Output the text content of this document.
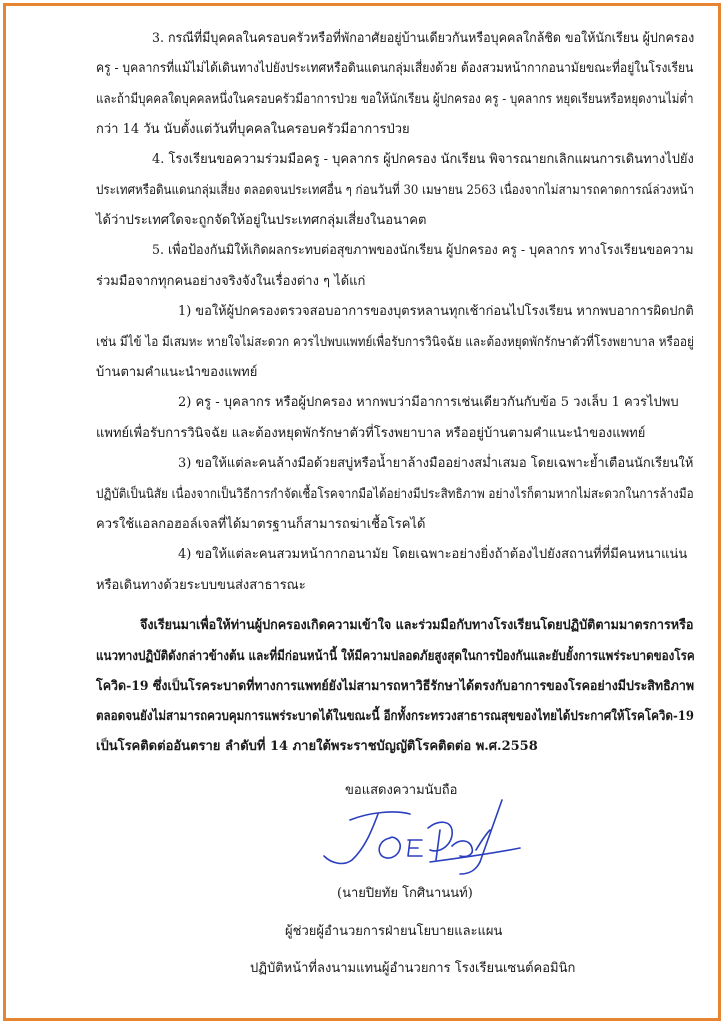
3. กรณีที่มีบุคคลในครอบครัวหรือที่พักอาศัยอยู่บ้านเดียวกันหรือบุคคลใกล้ชิด ขอให้นักเรียน ผู้ปกครอง
ครู - บุคลากรที่แม้ไม่ได้เดินทางไปยังประเทศหรือดินแดนกลุ่มเสี่ยงด้วย ต้องสวมหน้ากากอนามัยขณะที่อยู่ในโรงเรียน
และถ้ามีบุคคลใดบุคคลหนึ่งในครอบครัวมีอาการป่วย ขอให้นักเรียน ผู้ปกครอง ครู - บุคลากร หยุดเรียนหรือหยุดงานไม่ต่ำ
กว่า 14 วัน นับตั้งแต่วันที่บุคคลในครอบครัวมีอาการป่วย
4. โรงเรียนขอความร่วมมือครู - บุคลากร ผู้ปกครอง นักเรียน พิจารณายกเลิกแผนการเดินทางไปยัง
ประเทศหรือดินแดนกลุ่มเสี่ยง ตลอดจนประเทศอื่น ๆ ก่อนวันที่ 30 เมษายน 2563 เนื่องจากไม่สามารถคาดการณ์ล่วงหน้า
ได้ว่าประเทศใดจะถูกจัดให้อยู่ในประเทศกลุ่มเสี่ยงในอนาคต
5. เพื่อป้องกันมิให้เกิดผลกระทบต่อสุขภาพของนักเรียน ผู้ปกครอง ครู - บุคลากร ทางโรงเรียนขอความ
ร่วมมือจากทุกคนอย่างจริงจังในเรื่องต่าง ๆ ได้แก่
1) ขอให้ผู้ปกครองตรวจสอบอาการของบุตรหลานทุกเช้าก่อนไปโรงเรียน หากพบอาการผิดปกติ
เช่น มีไข้ ไอ มีเสมหะ หายใจไม่สะดวก ควรไปพบแพทย์เพื่อรับการวินิจฉัย และต้องหยุดพักรักษาตัวที่โรงพยาบาล หรืออยู่
บ้านตามคำแนะนำของแพทย์
2) ครู - บุคลากร หรือผู้ปกครอง หากพบว่ามีอาการเช่นเดียวกันกับข้อ 5 วงเล็บ 1 ควรไปพบ
แพทย์เพื่อรับการวินิจฉัย และต้องหยุดพักรักษาตัวที่โรงพยาบาล หรืออยู่บ้านตามคำแนะนำของแพทย์
3) ขอให้แต่ละคนล้างมือด้วยสบู่หรือน้ำยาล้างมืออย่างสม่ำเสมอ โดยเฉพาะย้ำเตือนนักเรียนให้
ปฏิบัติเป็นนิสัย เนื่องจากเป็นวิธีการกำจัดเชื้อโรคจากมือได้อย่างมีประสิทธิภาพ อย่างไรก็ตามหากไม่สะดวกในการล้างมือ
ควรใช้แอลกอฮอล์เจลที่ได้มาตรฐานก็สามารถฆ่าเชื้อโรคได้
4) ขอให้แต่ละคนสวมหน้ากากอนามัย โดยเฉพาะอย่างยิ่งถ้าต้องไปยังสถานที่ที่มีคนหนาแน่น
หรือเดินทางด้วยระบบขนส่งสาธารณะ
จึงเรียนมาเพื่อให้ท่านผู้ปกครองเกิดความเข้าใจ และร่วมมือกับทางโรงเรียนโดยปฏิบัติตามมาตรการหรือ
แนวทางปฏิบัติดังกล่าวข้างต้น และที่มีก่อนหน้านี้ ให้มีความปลอดภัยสูงสุดในการป้องกันและยับยั้งการแพร่ระบาดของโรค
โควิด-19 ซึ่งเป็นโรคระบาดที่ทางการแพทย์ยังไม่สามารถหาวิธีรักษาได้ตรงกับอาการของโรคอย่างมีประสิทธิภาพ
ตลอดจนยังไม่สามารถควบคุมการแพร่ระบาดได้ในขณะนี้ อีกทั้งกระทรวงสาธารณสุขของไทยได้ประกาศให้โรคโควิด-19
เป็นโรคติดต่ออันตราย ลำดับที่ 14 ภายใต้พระราชบัญญัติโรคติดต่อ พ.ศ.2558
ขอแสดงความนับถือ
(นายปิยทัย โกศินานนท์)
ผู้ช่วยผู้อำนวยการฝ่ายนโยบายและแผน
ปฏิบัติหน้าที่ลงนามแทนผู้อำนวยการ โรงเรียนเซนต์คอมินิก
